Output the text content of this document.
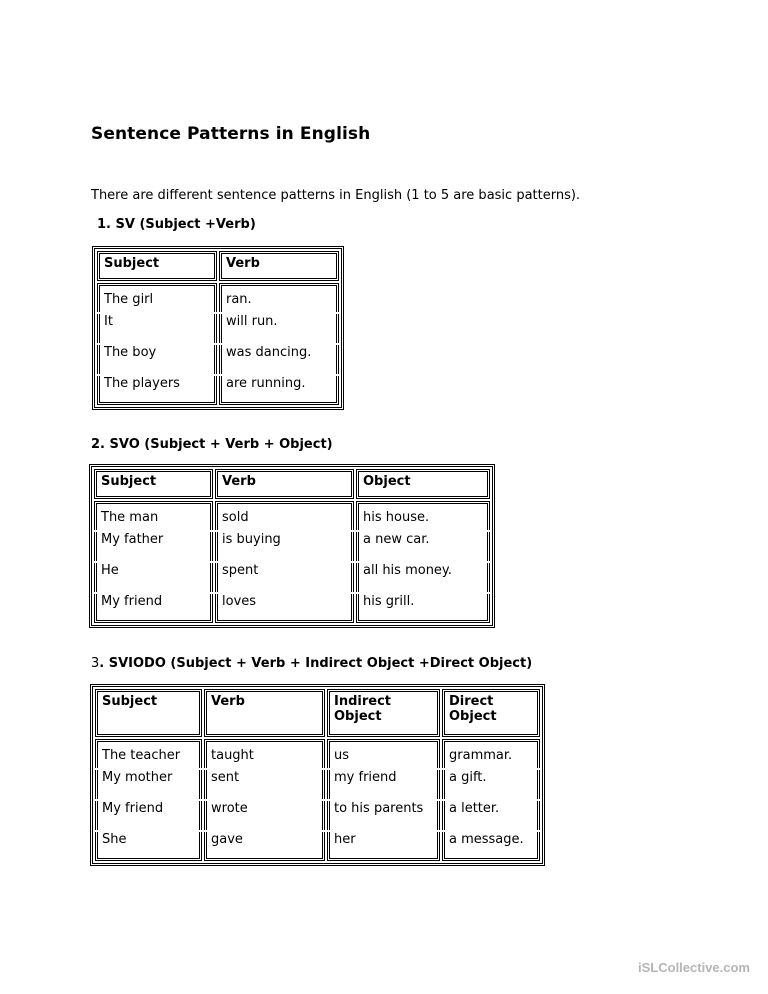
Sentence Patterns in English
There are different sentence patterns in English (1 to 5 are basic patterns).
1. SV (Subject +Verb)
Subject	Verb
The girl	ran.
It	will run.
The boy	was dancing.
The players	are running.
2. SVO (Subject + Verb + Object)
Subject	Verb	Object
The man	sold	his house.
My father	is buying	a new car.
He	spent	all his money.
My friend	loves	his grill.
3. SVIODO (Subject + Verb + Indirect Object +Direct Object)
Subject	Verb	Indirect Object	Direct Object
The teacher	taught	us	grammar.
My mother	sent	my friend	a gift.
My friend	wrote	to his parents	a letter.
She	gave	her	a message.
iSLCollective.com
